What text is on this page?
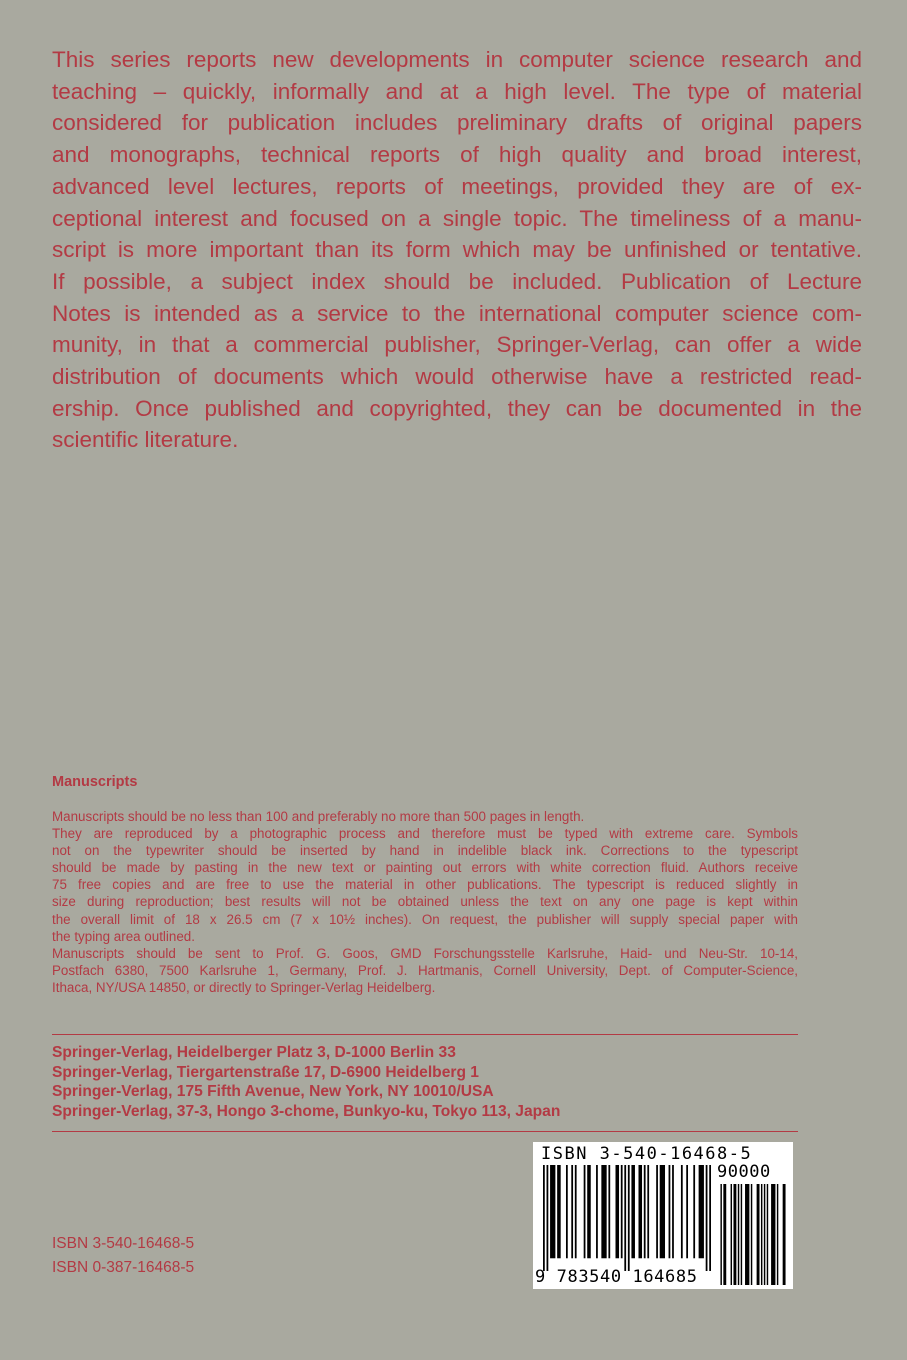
This series reports new developments in computer science research and
teaching – quickly, informally and at a high level. The type of material
considered for publication includes preliminary drafts of original papers
and monographs, technical reports of high quality and broad interest,
advanced level lectures, reports of meetings, provided they are of ex-
ceptional interest and focused on a single topic. The timeliness of a manu-
script is more important than its form which may be unfinished or tentative.
If possible, a subject index should be included. Publication of Lecture
Notes is intended as a service to the international computer science com-
munity, in that a commercial publisher, Springer-Verlag, can offer a wide
distribution of documents which would otherwise have a restricted read-
ership. Once published and copyrighted, they can be documented in the
scientific literature.

Manuscripts

Manuscripts should be no less than 100 and preferably no more than 500 pages in length.
They are reproduced by a photographic process and therefore must be typed with extreme care. Symbols
not on the typewriter should be inserted by hand in indelible black ink. Corrections to the typescript
should be made by pasting in the new text or painting out errors with white correction fluid. Authors receive
75 free copies and are free to use the material in other publications. The typescript is reduced slightly in
size during reproduction; best results will not be obtained unless the text on any one page is kept within
the overall limit of 18 x 26.5 cm (7 x 10½ inches). On request, the publisher will supply special paper with
the typing area outlined.
Manuscripts should be sent to Prof. G. Goos, GMD Forschungsstelle Karlsruhe, Haid- und Neu-Str. 10-14,
Postfach 6380, 7500 Karlsruhe 1, Germany, Prof. J. Hartmanis, Cornell University, Dept. of Computer-Science,
Ithaca, NY/USA 14850, or directly to Springer-Verlag Heidelberg.

Springer-Verlag, Heidelberger Platz 3, D-1000 Berlin 33
Springer-Verlag, Tiergartenstraße 17, D-6900 Heidelberg 1
Springer-Verlag, 175 Fifth Avenue, New York, NY 10010/USA
Springer-Verlag, 37-3, Hongo 3-chome, Bunkyo-ku, Tokyo 113, Japan
ISBN 3-540-16468-5
ISBN 0-387-16468-5

ISBN 3-540-16468-5

9 783540 164685

90000
